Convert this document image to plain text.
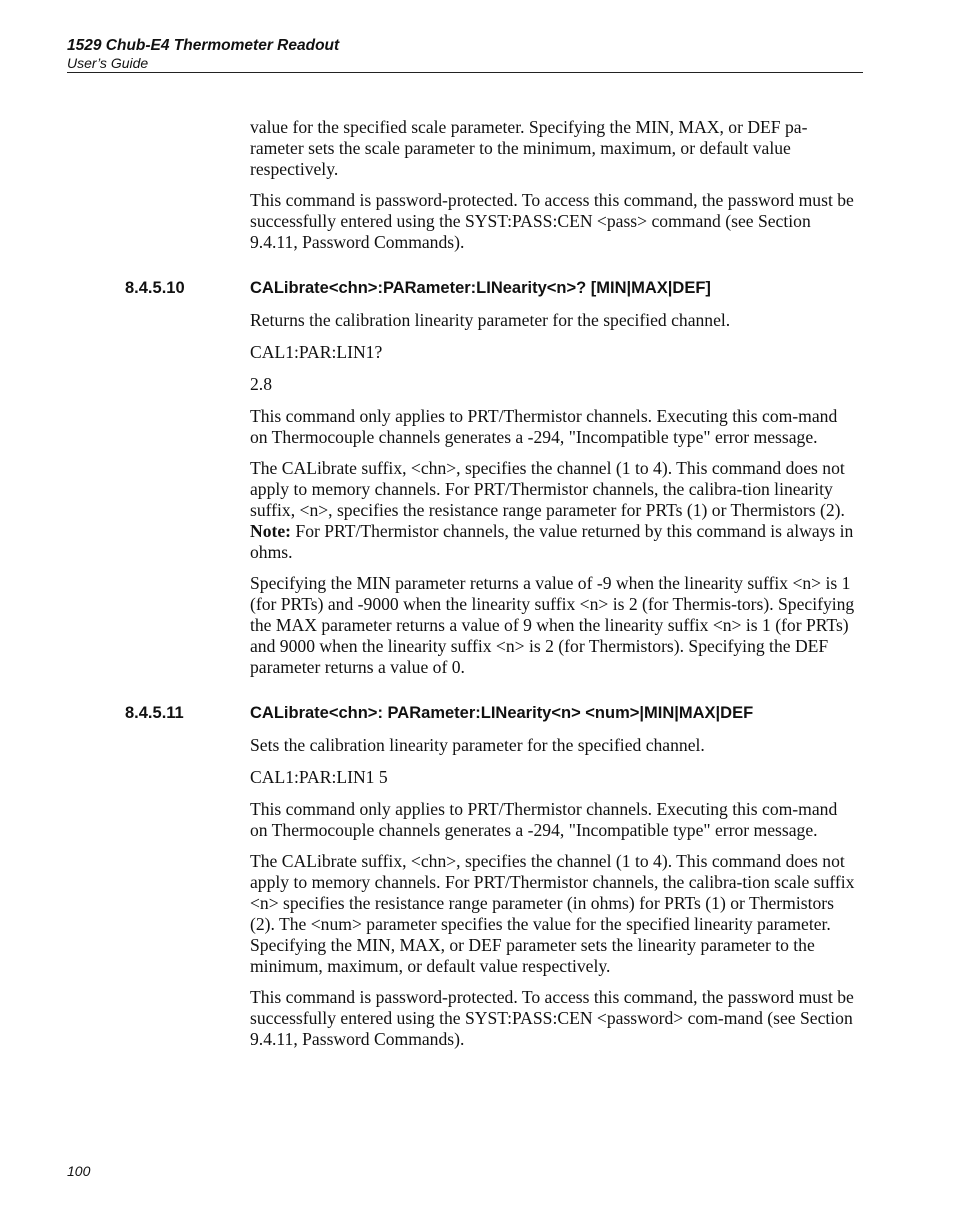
1529 Chub-E4 Thermometer Readout
User’s Guide

value for the specified scale parameter. Specifying the MIN, MAX, or DEF pa-rameter sets the scale parameter to the minimum, maximum, or default value respectively.

This command is password-protected. To access this command, the password must be successfully entered using the SYST:PASS:CEN <pass> command (see Section 9.4.11, Password Commands).

8.4.5.10	CALibrate<chn>:PARameter:LINearity<n>? [MIN|MAX|DEF]

Returns the calibration linearity parameter for the specified channel.

CAL1:PAR:LIN1?

2.8

This command only applies to PRT/Thermistor channels. Executing this com-mand on Thermocouple channels generates a -294, "Incompatible type" error message.

The CALibrate suffix, <chn>, specifies the channel (1 to 4). This command does not apply to memory channels. For PRT/Thermistor channels, the calibra-tion linearity suffix, <n>, specifies the resistance range parameter for PRTs (1) or Thermistors (2). Note: For PRT/Thermistor channels, the value returned by this command is always in ohms.

Specifying the MIN parameter returns a value of -9 when the linearity suffix <n> is 1 (for PRTs) and -9000 when the linearity suffix <n> is 2 (for Thermis-tors). Specifying the MAX parameter returns a value of 9 when the linearity suffix <n> is 1 (for PRTs) and 9000 when the linearity suffix <n> is 2 (for Thermistors). Specifying the DEF parameter returns a value of 0.

8.4.5.11	CALibrate<chn>: PARameter:LINearity<n> <num>|MIN|MAX|DEF

Sets the calibration linearity parameter for the specified channel.

CAL1:PAR:LIN1 5

This command only applies to PRT/Thermistor channels. Executing this com-mand on Thermocouple channels generates a -294, "Incompatible type" error message.

The CALibrate suffix, <chn>, specifies the channel (1 to 4). This command does not apply to memory channels. For PRT/Thermistor channels, the calibra-tion scale suffix <n> specifies the resistance range parameter (in ohms) for PRTs (1) or Thermistors (2). The <num> parameter specifies the value for the specified linearity parameter. Specifying the MIN, MAX, or DEF parameter sets the linearity parameter to the minimum, maximum, or default value respectively.

This command is password-protected. To access this command, the password must be successfully entered using the SYST:PASS:CEN <password> com-mand (see Section 9.4.11, Password Commands).

100
